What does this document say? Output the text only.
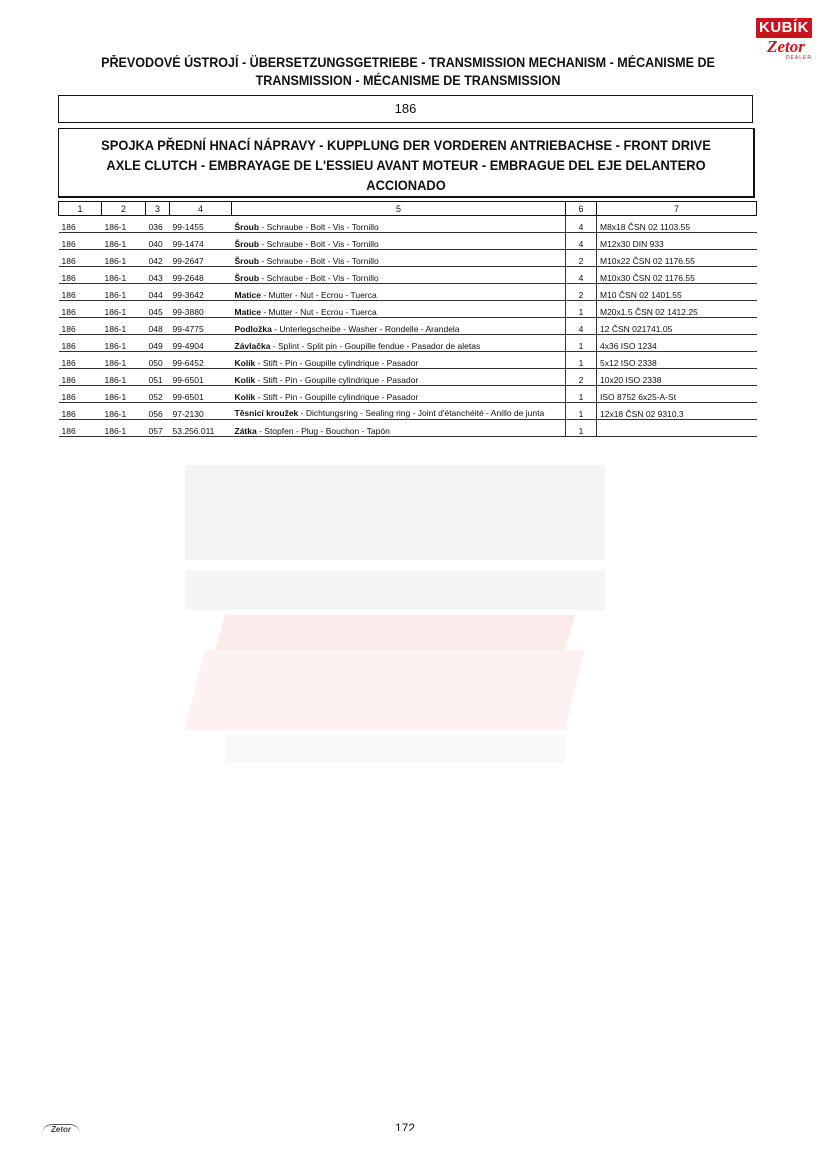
KUBÍK
Zetor
DEALER
PŘEVODOVÉ ÚSTROJÍ - ÜBERSETZUNGSGETRIEBE - TRANSMISSION MECHANISM - MÉCANISME DE
TRANSMISSION - MÉCANISME DE TRANSMISSION
186
SPOJKA PŘEDNÍ HNACÍ NÁPRAVY - KUPPLUNG DER VORDEREN ANTRIEBACHSE - FRONT DRIVE
AXLE CLUTCH - EMBRAYAGE DE L'ESSIEU AVANT MOTEUR - EMBRAGUE DEL EJE DELANTERO
ACCIONADO
1	2	3	4	5	6	7
186	186-1	036	99-1455	Šroub - Schraube - Bolt - Vis - Tornillo	4	M8x18 ČSN 02 1103.55
186	186-1	040	99-1474	Šroub - Schraube - Bolt - Vis - Tornillo	4	M12x30 DIN 933
186	186-1	042	99-2647	Šroub - Schraube - Bolt - Vis - Tornillo	2	M10x22 ČSN 02 1176.55
186	186-1	043	99-2648	Šroub - Schraube - Bolt - Vis - Tornillo	4	M10x30 ČSN 02 1176.55
186	186-1	044	99-3642	Matice - Mutter - Nut - Ecrou - Tuerca	2	M10 ČSN 02 1401.55
186	186-1	045	99-3880	Matice - Mutter - Nut - Ecrou - Tuerca	1	M20x1.5 ČSN 02 1412.25
186	186-1	048	99-4775	Podložka - Unterlegscheibe - Washer - Rondelle - Arandela	4	12 ČSN 021741.05
186	186-1	049	99-4904	Závlačka - Splint - Split pin - Goupille fendue - Pasador de aletas	1	4x36 ISO 1234
186	186-1	050	99-6452	Kolík - Stift - Pin - Goupille cylindrique - Pasador	1	5x12 ISO 2338
186	186-1	051	99-6501	Kolík - Stift - Pin - Goupille cylindrique - Pasador	2	10x20 ISO 2338
186	186-1	052	99-6501	Kolík - Stift - Pin - Goupille cylindrique - Pasador	1	ISO 8752 6x25-A-St
186	186-1	056	97-2130	Těsnicí kroužek - Dichtungsring - Sealing ring - Joint d'étanchéité - Anillo de junta	1	12x18 ČSN 02 9310.3
186	186-1	057	53.256.011	Zátka - Stopfen - Plug - Bouchon - Tapón	1	
Zetor	172
